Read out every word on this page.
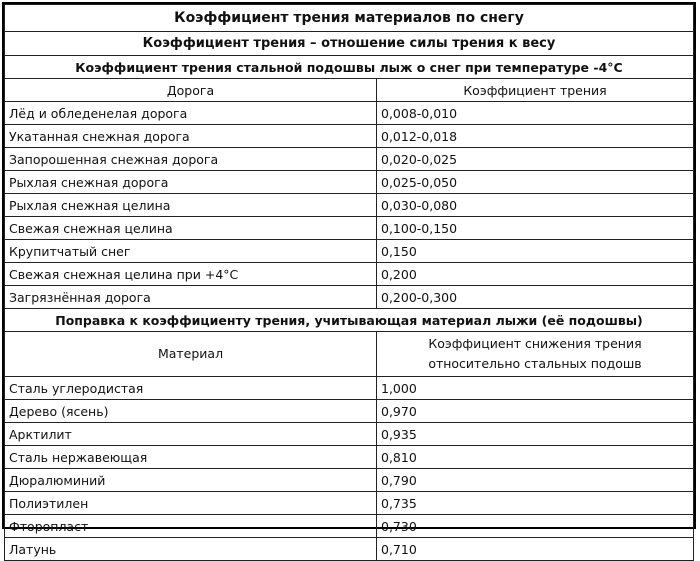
Коэффициент трения материалов по снегу	
Коэффициент трения – отношение силы трения к весу	
Коэффициент трения стальной подошвы лыж о снег при температуре -4°С	
Дорога	Коэффициент трения
Лёд и обледенелая дорога	0,008-0,010
Укатанная снежная дорога	0,012-0,018
Запорошенная снежная дорога	0,020-0,025
Рыхлая снежная дорога	0,025-0,050
Рыхлая снежная целина	0,030-0,080
Свежая снежная целина	0,100-0,150
Крупитчатый снег	0,150
Свежая снежная целина при +4°С	0,200
Загрязнённая дорога	0,200-0,300
Поправка к коэффициенту трения, учитывающая материал лыжи (её подошвы)	
Материал	Коэффициент снижения трения
относительно стальных подошв

Сталь углеродистая	1,000
Дерево (ясень)	0,970
Арктилит	0,935
Сталь нержавеющая	0,810
Дюралюминий	0,790
Полиэтилен	0,735
Фторопласт	0,730
Латунь	0,710
